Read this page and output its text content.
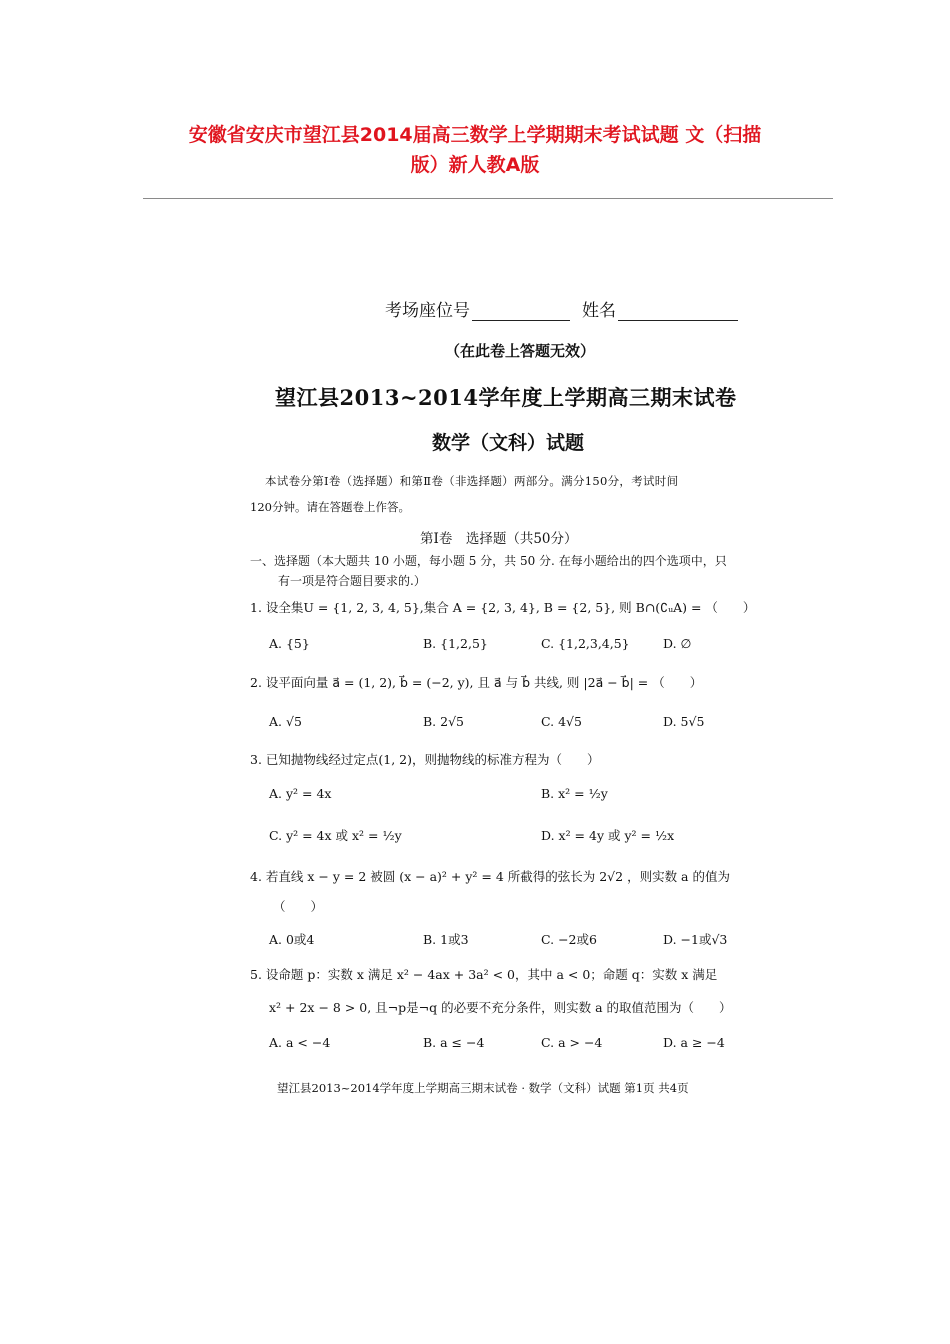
安徽省安庆市望江县2014届高三数学上学期期末考试试题 文（扫描
版）新人教A版
考场座位号	姓名
（在此卷上答题无效）
望江县2013~2014学年度上学期高三期末试卷
数学（文科）试题
本试卷分第Ⅰ卷（选择题）和第Ⅱ卷（非选择题）两部分。满分150分，考试时间
120分钟。请在答题卷上作答。
第Ⅰ卷　选择题（共50分）
一、选择题（本大题共 10 小题，每小题 5 分，共 50 分. 在每小题给出的四个选项中，只
有一项是符合题目要求的.）
1. 设全集U = {1, 2, 3, 4, 5},集合 A = {2, 3, 4}, B = {2, 5}, 则 B∩(∁ᵤA) = （　　）
A. {5}	B. {1,2,5}	C. {1,2,3,4,5}	D. ∅
2. 设平面向量 a⃗ = (1, 2), b⃗ = (−2, y), 且 a⃗ 与 b⃗ 共线, 则 |2a⃗ − b⃗| = （　　）
A. √5	B. 2√5	C. 4√5	D. 5√5
3. 已知抛物线经过定点(1, 2)，则抛物线的标准方程为（　　）
A. y² = 4x	B. x² = ½y
C. y² = 4x 或 x² = ½y	D. x² = 4y 或 y² = ½x
4. 若直线 x − y = 2 被圆 (x − a)² + y² = 4 所截得的弦长为 2√2 ，则实数 a 的值为
（　　）
A. 0或4	B. 1或3	C. −2或6	D. −1或√3
5. 设命题 p：实数 x 满足 x² − 4ax + 3a² < 0，其中 a < 0；命题 q：实数 x 满足
x² + 2x − 8 > 0, 且¬p是¬q 的必要不充分条件，则实数 a 的取值范围为（　　）
A. a < −4	B. a ≤ −4	C. a > −4	D. a ≥ −4
望江县2013~2014学年度上学期高三期末试卷 · 数学（文科）试题 第1页 共4页
